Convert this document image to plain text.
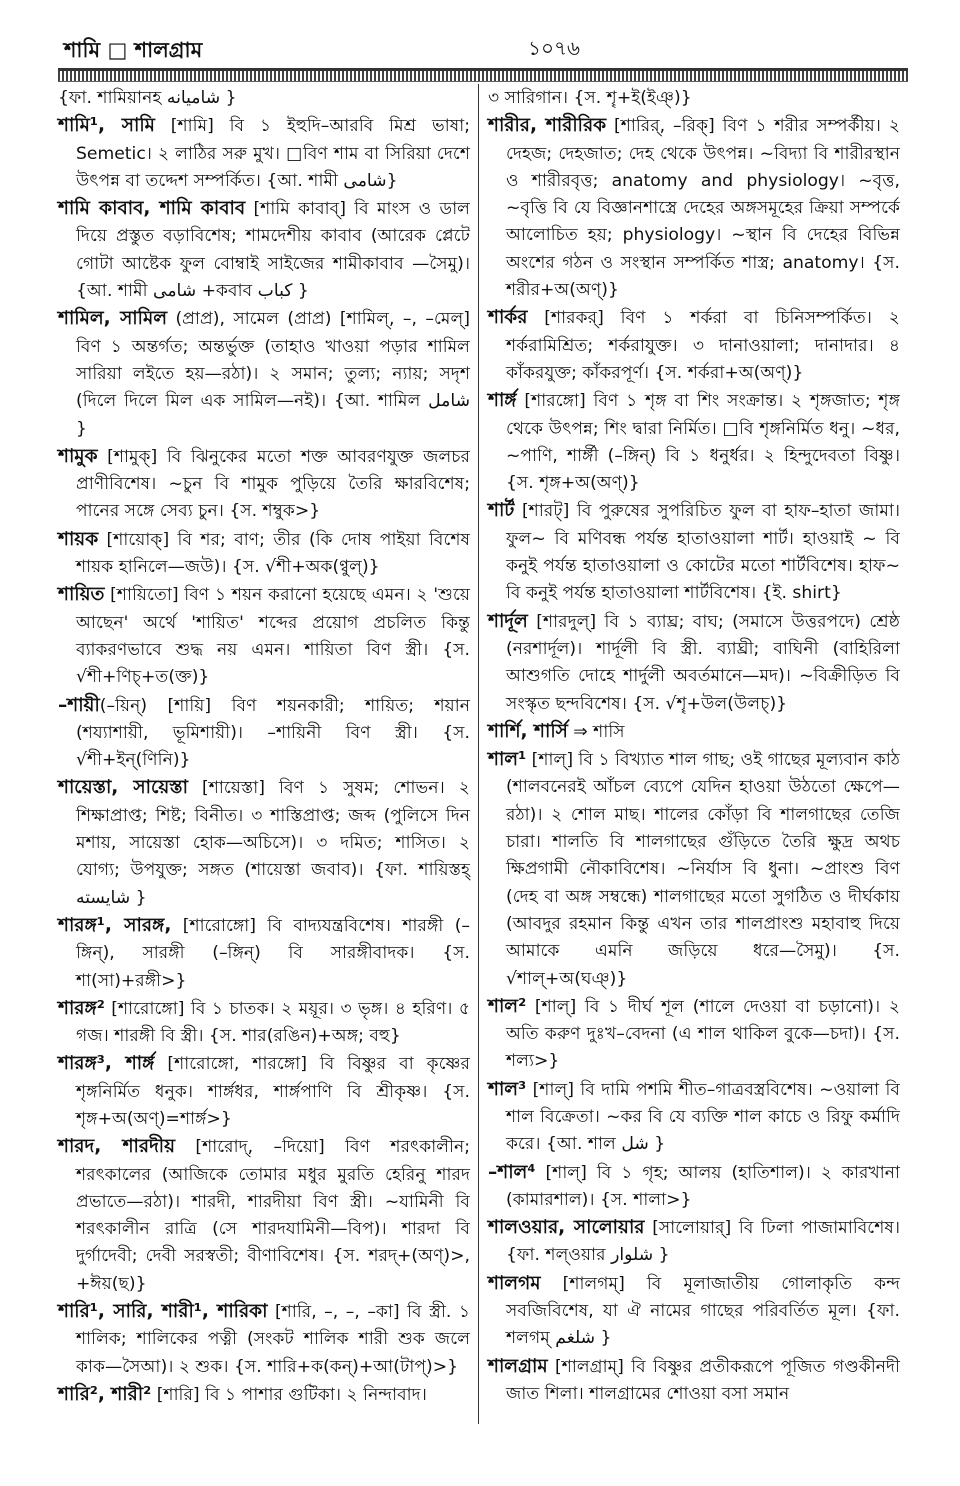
শামি □ শালগ্রাম	১০৭৬

{ফা. শামিয়ানহ شامیانه }

শামি¹, সামি [শামি] বি ১ ইহুদি–আরবি মিশ্র ভাষা; Semetic। ২ লাঠির সরু মুখ। □বিণ শাম বা সিরিয়া দেশে উৎপন্ন বা তদ্দেশ সম্পর্কিত। {আ. শামী شامی}

শামি কাবাব, শামি কাবাব [শামি কাবাব্] বি মাংস ও ডাল দিয়ে প্রস্তুত বড়াবিশেষ; শামদেশীয় কাবাব (আরেক প্লেটে গোটা আষ্টেক ফুল বোম্বাই সাইজের শামীকাবাব —সৈমু)। {আ. শামী شامی +কবাব کباب }

শামিল, সামিল (প্রাপ্র), সামেল (প্রাপ্র) [শামিল্, –, –মেল্] বিণ ১ অন্তর্গত; অন্তর্ভুক্ত (তাহাও খাওয়া পড়ার শামিল সারিয়া লইতে হয়—রঠা)। ২ সমান; তুল্য; ন্যায়; সদৃশ (দিলে দিলে মিল এক সামিল—নই)। {আ. শামিল شامل }

শামুক [শামুক্] বি ঝিনুকের মতো শক্ত আবরণযুক্ত জলচর প্রাণীবিশেষ। ~চুন বি শামুক পুড়িয়ে তৈরি ক্ষারবিশেষ; পানের সঙ্গে সেব্য চুন। {স. শম্বুক>}

শায়ক [শায়োক্] বি শর; বাণ; তীর (কি দোষ পাইয়া বিশেষ শায়ক হানিলে—জউ)। {স. √শী+অক(ণ্বুল্)}

শায়িত [শায়িতো] বিণ ১ শয়ন করানো হয়েছে এমন। ২ 'শুয়ে আছেন' অর্থে 'শায়িত' শব্দের প্রয়োগ প্রচলিত কিন্তু ব্যাকরণভাবে শুদ্ধ নয় এমন। শায়িতা বিণ স্ত্রী। {স. √শী+ণিচ্+ত(ক্ত)}

–শায়ী(–য়িন্) [শায়ি] বিণ শয়নকারী; শায়িত; শয়ান (শয্যাশায়ী, ভূমিশায়ী)। –শায়িনী বিণ স্ত্রী। {স. √শী+ইন্(ণিনি)}

শায়েস্তা, সায়েস্তা [শায়েস্তা] বিণ ১ সুষম; শোভন। ২ শিক্ষাপ্রাপ্ত; শিষ্ট; বিনীত। ৩ শাস্তিপ্রাপ্ত; জব্দ (পুলিসে দিন মশায়, সায়েস্তা হোক—অচিসে)। ৩ দমিত; শাসিত। ২ যোগ্য; উপযুক্ত; সঙ্গত (শায়েস্তা জবাব)। {ফা. শায়িস্তহ্ شایسته }

শারঙ্গ¹, সারঙ্গ, [শারোঙ্গো] বি বাদ্যযন্ত্রবিশেষ। শারঙ্গী (–ঙ্গিন্), সারঙ্গী (–ঙ্গিন্) বি সারঙ্গীবাদক। {স. শা(সা)+রঙ্গী>}

শারঙ্গ² [শারোঙ্গো] বি ১ চাতক। ২ ময়ূর। ৩ ভৃঙ্গ। ৪ হরিণ। ৫ গজ। শারঙ্গী বি স্ত্রী। {স. শার(রঙিন)+অঙ্গ; বহু}

শারঙ্গ³, শার্ঙ্গ [শারোঙ্গো, শারঙ্গো] বি বিষ্ণুর বা কৃষ্ণের শৃঙ্গনির্মিত ধনুক। শার্ঙ্গধর, শার্ঙ্গপাণি বি শ্রীকৃষ্ণ। {স. শৃঙ্গ+অ(অণ্)=শার্ঙ্গ>}

শারদ, শারদীয় [শারোদ্, –দিয়ো] বিণ শরৎকালীন; শরৎকালের (আজিকে তোমার মধুর মুরতি হেরিনু শারদ প্রভাতে—রঠা)। শারদী, শারদীয়া বিণ স্ত্রী। ~যামিনী বি শরৎকালীন রাত্রি (সে শারদযামিনী—বিপ)। শারদা বি দুর্গাদেবী; দেবী সরস্বতী; বীণাবিশেষ। {স. শরদ্+(অণ্)>, +ঈয়(ছ)}

শারি¹, সারি, শারী¹, শারিকা [শারি, –, –, –কা] বি স্ত্রী. ১ শালিক; শালিকের পত্নী (সংকট শালিক শারী শুক জলে কাক—সৈআ)। ২ শুক। {স. শারি+ক(কন্)+আ(টাপ্)>}

শারি², শারী² [শারি] বি ১ পাশার গুটিকা। ২ নিন্দাবাদ।

৩ সারিগান। {স. শৄ+ই(ইঞ্)}

শারীর, শারীরিক [শারির্, –রিক্] বিণ ১ শরীর সম্পর্কীয়। ২ দেহজ; দেহজাত; দেহ থেকে উৎপন্ন। ~বিদ্যা বি শারীরস্থান ও শারীরবৃত্ত; anatomy and physiology। ~বৃত্ত, ~বৃত্তি বি যে বিজ্ঞানশাস্ত্রে দেহের অঙ্গসমূহের ক্রিয়া সম্পর্কে আলোচিত হয়; physiology। ~স্থান বি দেহের বিভিন্ন অংশের গঠন ও সংস্থান সম্পর্কিত শাস্ত্র; anatomy। {স. শরীর+অ(অণ্)}

শার্কর [শারকর্] বিণ ১ শর্করা বা চিনিসম্পর্কিত। ২ শর্করামিশ্রিত; শর্করাযুক্ত। ৩ দানাওয়ালা; দানাদার। ৪ কাঁকরযুক্ত; কাঁকরপূর্ণ। {স. শর্করা+অ(অণ্)}

শার্ঙ্গ [শারঙ্গো] বিণ ১ শৃঙ্গ বা শিং সংক্রান্ত। ২ শৃঙ্গজাত; শৃঙ্গ থেকে উৎপন্ন; শিং দ্বারা নির্মিত। □বি শৃঙ্গনির্মিত ধনু। ~ধর, ~পাণি, শার্ঙ্গী (–ঙ্গিন্) বি ১ ধনুর্ধর। ২ হিন্দুদেবতা বিষ্ণু। {স. শৃঙ্গ+অ(অণ্)}

শার্ট [শারট্] বি পুরুষের সুপরিচিত ফুল বা হাফ–হাতা জামা। ফুল~ বি মণিবন্ধ পর্যন্ত হাতাওয়ালা শার্ট। হাওয়াই ~ বি কনুই পর্যন্ত হাতাওয়ালা ও কোটের মতো শার্টবিশেষ। হাফ~ বি কনুই পর্যন্ত হাতাওয়ালা শার্টবিশেষ। {ই. shirt}

শার্দূল [শারদুল্] বি ১ ব্যাঘ্র; বাঘ; (সমাসে উত্তরপদে) শ্রেষ্ঠ (নরশার্দূল)। শার্দূলী বি স্ত্রী. ব্যাঘ্রী; বাঘিনী (বাহিরিলা আশুগতি দোহে শার্দুলী অবর্তমানে—মদ)। ~বিক্রীড়িত বি সংস্কৃত ছন্দবিশেষ। {স. √শৄ+উল(উলচ্)}

শার্শি, শার্সি ⇒ শাসি

শাল¹ [শাল্] বি ১ বিখ্যাত শাল গাছ; ওই গাছের মূল্যবান কাঠ (শালবনেরই আঁচল ব্যেপে যেদিন হাওয়া উঠতো ক্ষেপে—রঠা)। ২ শোল মাছ। শালের কোঁড়া বি শালগাছের তেজি চারা। শালতি বি শালগাছের গুঁড়িতে তৈরি ক্ষুদ্র অথচ ক্ষিপ্রগামী নৌকাবিশেষ। ~নির্যাস বি ধুনা। ~প্রাংশু বিণ (দেহ বা অঙ্গ সম্বন্ধে) শালগাছের মতো সুগঠিত ও দীর্ঘকায় (আবদুর রহমান কিন্তু এখন তার শালপ্রাংশু মহাবাহু দিয়ে আমাকে এমনি জড়িয়ে ধরে—সৈমু)। {স. √শাল্+অ(ঘঞ্)}

শাল² [শাল্] বি ১ দীর্ঘ শূল (শালে দেওয়া বা চড়ানো)। ২ অতি করুণ দুঃখ–বেদনা (এ শাল থাকিল বুকে—চদা)। {স. শল্য>}

শাল³ [শাল্] বি দামি পশমি শীত–গাত্রবস্ত্রবিশেষ। ~ওয়ালা বি শাল বিক্রেতা। ~কর বি যে ব্যক্তি শাল কাচে ও রিফু কর্মাদি করে। {আ. শাল شل }

–শাল⁴ [শাল্] বি ১ গৃহ; আলয় (হাতিশাল)। ২ কারখানা (কামারশাল)। {স. শালা>}

শালওয়ার, সালোয়ার [সালোয়ার্] বি ঢিলা পাজামাবিশেষ। {ফা. শল্ওয়ার شلوار }

শালগম [শালগম্] বি মূলাজাতীয় গোলাকৃতি কন্দ সবজিবিশেষ, যা ঐ নামের গাছের পরিবর্তিত মূল। {ফা. শলগম্ شلغم }

শালগ্রাম [শালগ্রাম্] বি বিষ্ণুর প্রতীকরূপে পূজিত গণ্ডকীনদী জাত শিলা। শালগ্রামের শোওয়া বসা সমান
